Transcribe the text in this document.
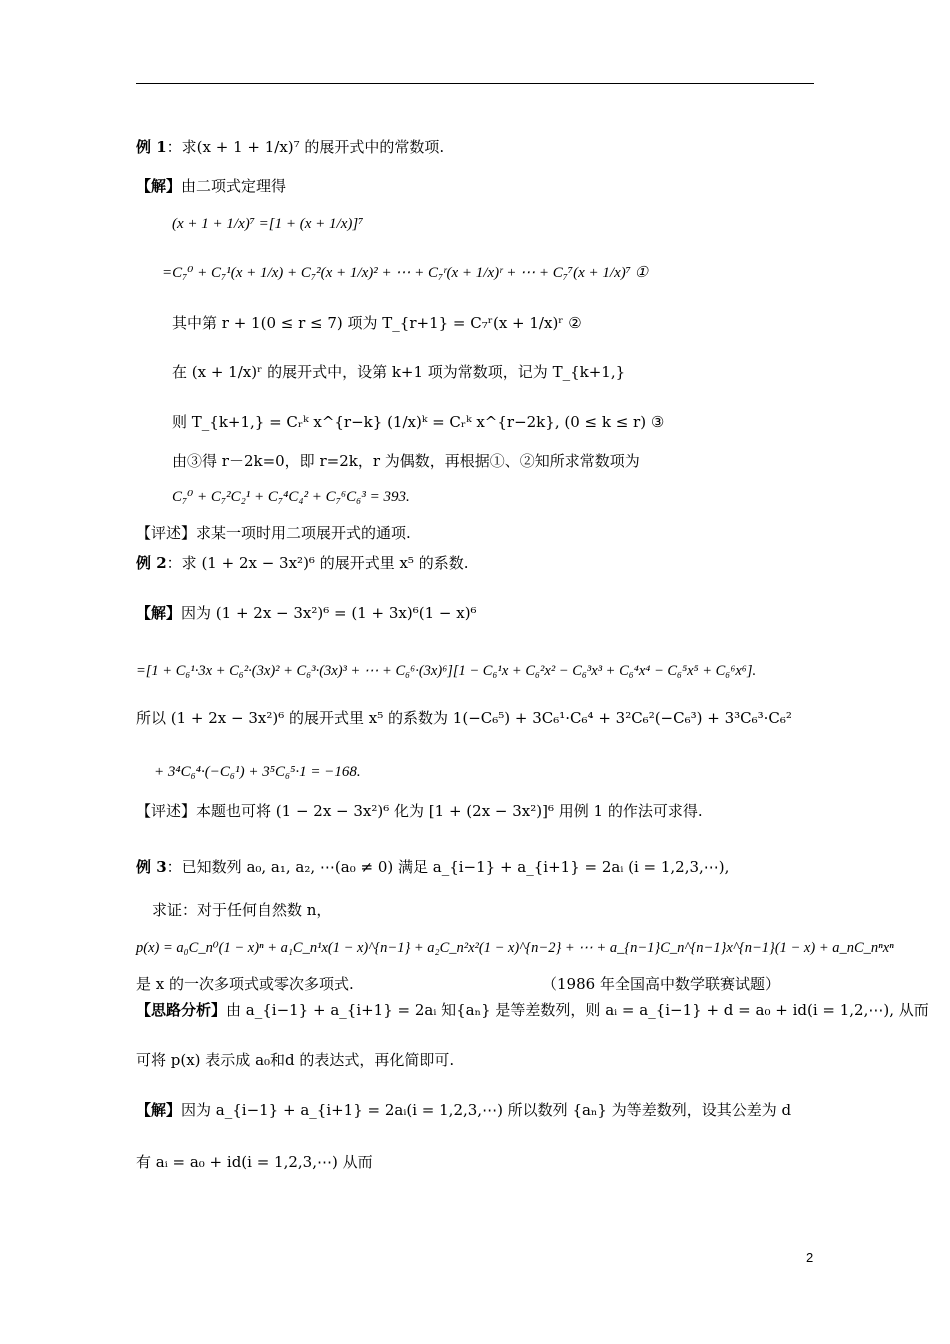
例 1：求(x + 1 + 1/x)⁷ 的展开式中的常数项.
【解】由二项式定理得
(x + 1 + 1/x)⁷ =[1 + (x + 1/x)]⁷
=C₇⁰ + C₇¹(x + 1/x) + C₇²(x + 1/x)² + ⋯ + C₇ʳ(x + 1/x)ʳ + ⋯ + C₇⁷(x + 1/x)⁷ ①
其中第 r + 1(0 ≤ r ≤ 7) 项为 T_{r+1} = C₇ʳ(x + 1/x)ʳ ②
在 (x + 1/x)ʳ 的展开式中，设第 k+1 项为常数项，记为 T_{k+1,}
则 T_{k+1,} = Cᵣᵏ x^{r−k} (1/x)ᵏ = Cᵣᵏ x^{r−2k}, (0 ≤ k ≤ r) ③
由③得 r－2k=0，即 r=2k，r 为偶数，再根据①、②知所求常数项为
C₇⁰ + C₇²C₂¹ + C₇⁴C₄² + C₇⁶C₆³ = 393.
【评述】求某一项时用二项展开式的通项.
例 2：求 (1 + 2x − 3x²)⁶ 的展开式里 x⁵ 的系数.
【解】因为 (1 + 2x − 3x²)⁶ = (1 + 3x)⁶(1 − x)⁶
=[1 + C₆¹·3x + C₆²·(3x)² + C₆³·(3x)³ + ⋯ + C₆⁶·(3x)⁶][1 − C₆¹x + C₆²x² − C₆³x³ + C₆⁴x⁴ − C₆⁵x⁵ + C₆⁶x⁶].
所以 (1 + 2x − 3x²)⁶ 的展开式里 x⁵ 的系数为 1(−C₆⁵) + 3C₆¹·C₆⁴ + 3²C₆²(−C₆³) + 3³C₆³·C₆²
+ 3⁴C₆⁴·(−C₆¹) + 3⁵C₆⁵·1 = −168.
【评述】本题也可将 (1 − 2x − 3x²)⁶ 化为 [1 + (2x − 3x²)]⁶ 用例 1 的作法可求得.
例 3：已知数列 a₀, a₁, a₂, ⋯(a₀ ≠ 0) 满足 a_{i−1} + a_{i+1} = 2aᵢ (i = 1,2,3,⋯),
求证：对于任何自然数 n，
p(x) = a₀C_n⁰(1 − x)ⁿ + a₁C_n¹x(1 − x)^{n−1} + a₂C_n²x²(1 − x)^{n−2} + ⋯ + a_{n−1}C_n^{n−1}x^{n−1}(1 − x) + a_nC_nⁿxⁿ
是 x 的一次多项式或零次多项式.	（1986 年全国高中数学联赛试题）
【思路分析】由 a_{i−1} + a_{i+1} = 2aᵢ 知{aₙ} 是等差数列，则 aᵢ = a_{i−1} + d = a₀ + id(i = 1,2,⋯), 从而
可将 p(x) 表示成 a₀和d 的表达式，再化简即可.
【解】因为 a_{i−1} + a_{i+1} = 2aᵢ(i = 1,2,3,⋯) 所以数列 {aₙ} 为等差数列，设其公差为 d
有 aᵢ = a₀ + id(i = 1,2,3,⋯) 从而
2
